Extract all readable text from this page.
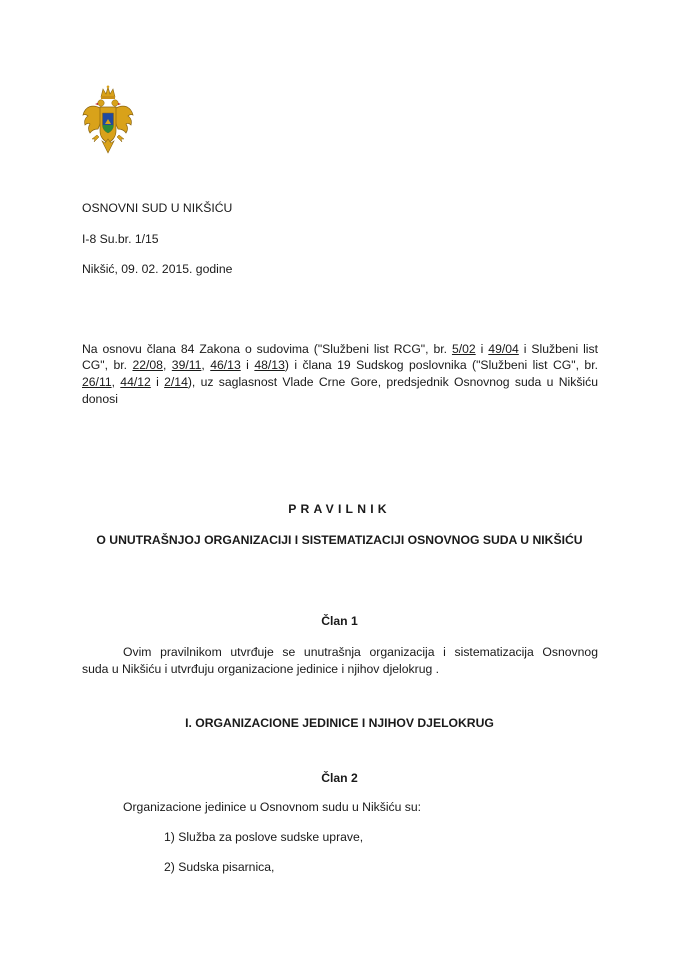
OSNOVNI SUD U NIKŠIĆU
I-8 Su.br. 1/15
Nikšić, 09. 02. 2015. godine
Na osnovu člana 84 Zakona o sudovima ("Službeni list RCG", br. 5/02 i 49/04 i Službeni list
CG", br. 22/08, 39/11, 46/13 i 48/13) i člana 19 Sudskog poslovnika ("Službeni list CG", br.
26/11, 44/12 i 2/14), uz saglasnost Vlade Crne Gore, predsjednik Osnovnog suda u Nikšiću
donosi
PRAVILNIK
O UNUTRAŠNJOJ ORGANIZACIJI I SISTEMATIZACIJI OSNOVNOG SUDA U NIKŠIĆU
Član 1
Ovim pravilnikom utvrđuje se unutrašnja organizacija i sistematizacija Osnovnog
suda u Nikšiću i utvrđuju organizacione jedinice i njihov djelokrug .
I. ORGANIZACIONE JEDINICE I NJIHOV DJELOKRUG
Član 2
Organizacione jedinice u Osnovnom sudu u Nikšiću su:
1) Služba za poslove sudske uprave,
2) Sudska pisarnica,
